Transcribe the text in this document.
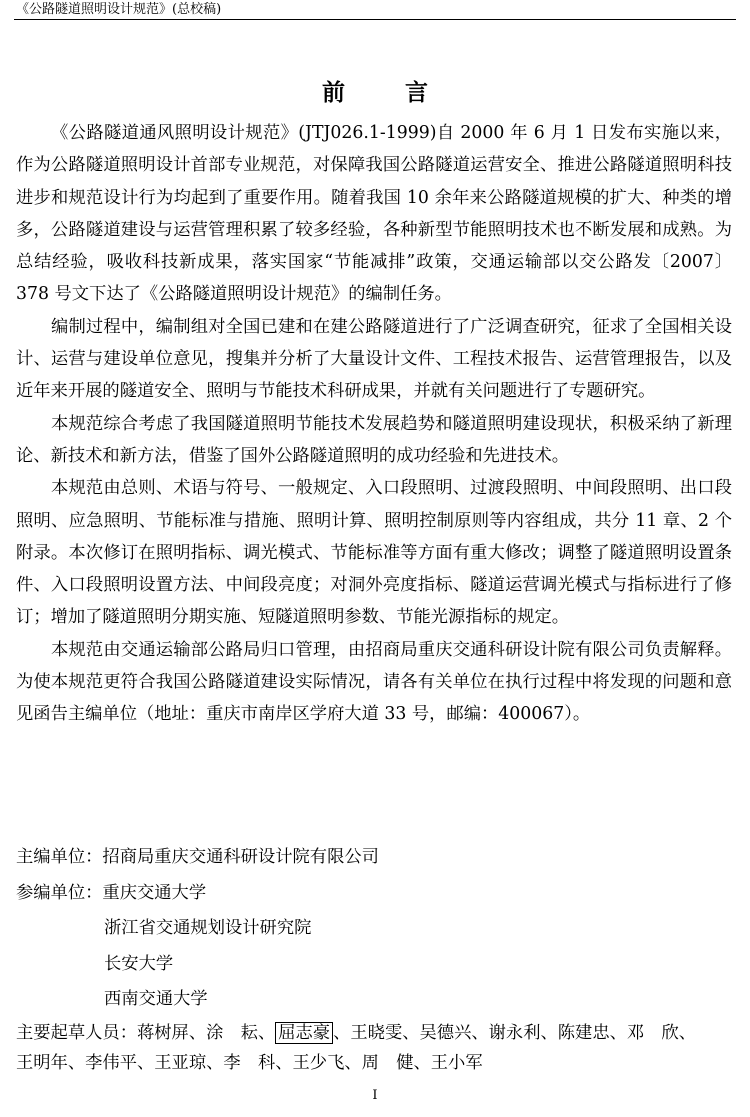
《公路隧道照明设计规范》(总校稿)
前 言

《公路隧道通风照明设计规范》(JTJ026.1-1999)自 2000 年 6 月 1 日发布实施以来，作为公路隧道照明设计首部专业规范，对保障我国公路隧道运营安全、推进公路隧道照明科技进步和规范设计行为均起到了重要作用。随着我国 10 余年来公路隧道规模的扩大、种类的增多，公路隧道建设与运营管理积累了较多经验，各种新型节能照明技术也不断发展和成熟。为总结经验，吸收科技新成果，落实国家“节能减排”政策，交通运输部以交公路发〔2007〕378 号文下达了《公路隧道照明设计规范》的编制任务。

编制过程中，编制组对全国已建和在建公路隧道进行了广泛调查研究，征求了全国相关设计、运营与建设单位意见，搜集并分析了大量设计文件、工程技术报告、运营管理报告，以及近年来开展的隧道安全、照明与节能技术科研成果，并就有关问题进行了专题研究。

本规范综合考虑了我国隧道照明节能技术发展趋势和隧道照明建设现状，积极采纳了新理论、新技术和新方法，借鉴了国外公路隧道照明的成功经验和先进技术。

本规范由总则、术语与符号、一般规定、入口段照明、过渡段照明、中间段照明、出口段照明、应急照明、节能标准与措施、照明计算、照明控制原则等内容组成，共分 11 章、2 个附录。本次修订在照明指标、调光模式、节能标准等方面有重大修改；调整了隧道照明设置条件、入口段照明设置方法、中间段亮度；对洞外亮度指标、隧道运营调光模式与指标进行了修订；增加了隧道照明分期实施、短隧道照明参数、节能光源指标的规定。

本规范由交通运输部公路局归口管理，由招商局重庆交通科研设计院有限公司负责解释。为使本规范更符合我国公路隧道建设实际情况，请各有关单位在执行过程中将发现的问题和意见函告主编单位（地址：重庆市南岸区学府大道 33 号，邮编：400067）。

主编单位：招商局重庆交通科研设计院有限公司
参编单位：重庆交通大学
浙江省交通规划设计研究院
长安大学
西南交通大学
主要起草人员：蒋树屏、涂　耘、 屈志豪 、王晓雯、吴德兴、谢永利、陈建忠、邓　欣、
王明年、李伟平、王亚琼、李　科、王少飞、周　健、王小军
I
